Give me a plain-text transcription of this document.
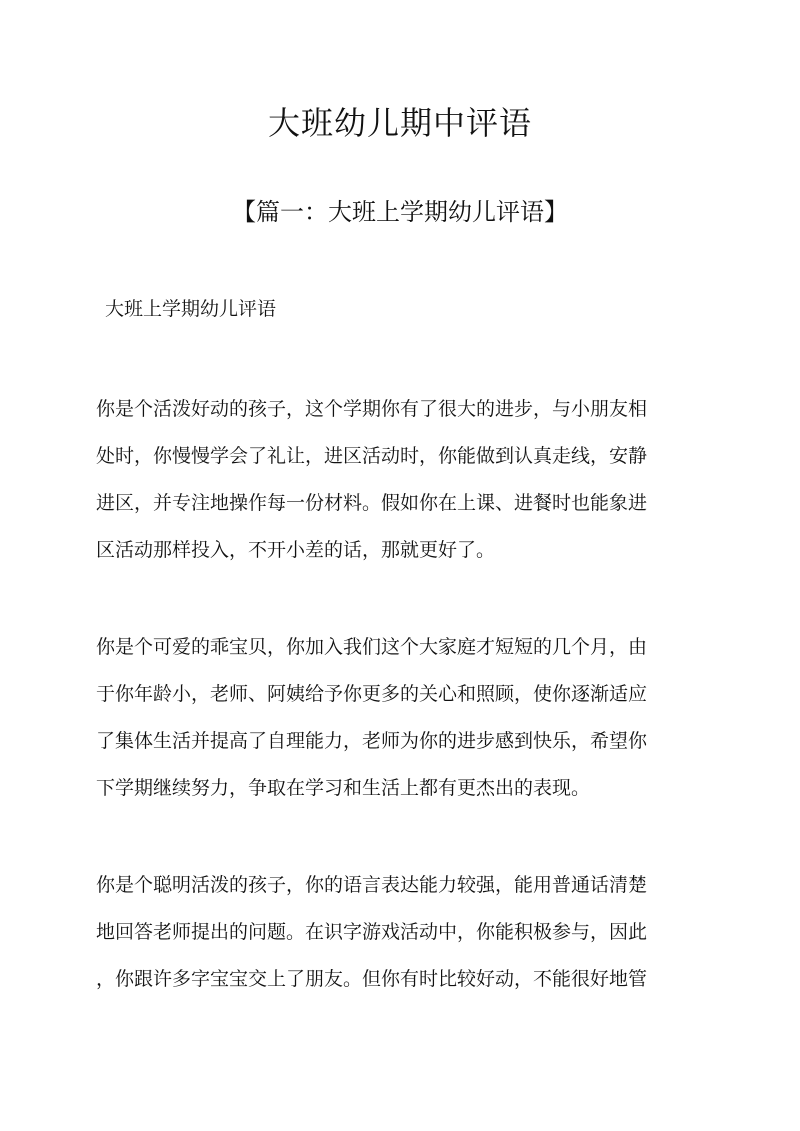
大班幼儿期中评语
【篇一：大班上学期幼儿评语】
大班上学期幼儿评语

你是个活泼好动的孩子，这个学期你有了很大的进步，与小朋友相
处时，你慢慢学会了礼让，进区活动时，你能做到认真走线，安静
进区，并专注地操作每一份材料。假如你在上课、进餐时也能象进
区活动那样投入，不开小差的话，那就更好了。

你是个可爱的乖宝贝，你加入我们这个大家庭才短短的几个月，由
于你年龄小，老师、阿姨给予你更多的关心和照顾，使你逐渐适应
了集体生活并提高了自理能力，老师为你的进步感到快乐，希望你
下学期继续努力，争取在学习和生活上都有更杰出的表现。

你是个聪明活泼的孩子，你的语言表达能力较强，能用普通话清楚
地回答老师提出的问题。在识字游戏活动中，你能积极参与，因此
，你跟许多字宝宝交上了朋友。但你有时比较好动，不能很好地管
